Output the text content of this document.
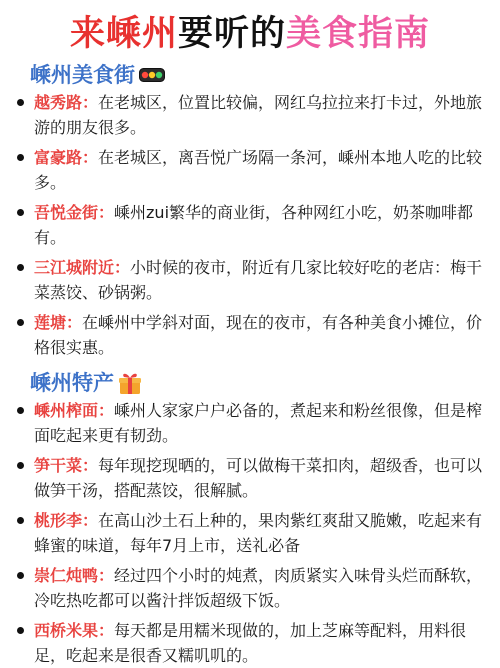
来嵊州要听的美食指南
嵊州美食街
越秀路：在老城区，位置比较偏，网红乌拉拉来打卡过，外地旅游的朋友很多。
富豪路：在老城区，离吾悦广场隔一条河，嵊州本地人吃的比较多。
吾悦金街：嵊州zui繁华的商业街，各种网红小吃，奶茶咖啡都有。
三江城附近：小时候的夜市，附近有几家比较好吃的老店：梅干菜蒸饺、砂锅粥。
莲塘：在嵊州中学斜对面，现在的夜市，有各种美食小摊位，价格很实惠。
嵊州特产
嵊州榨面：嵊州人家家户户必备的，煮起来和粉丝很像，但是榨面吃起来更有韧劲。
笋干菜：每年现挖现晒的，可以做梅干菜扣肉，超级香，也可以做笋干汤，搭配蒸饺，很解腻。
桃形李：在高山沙土石上种的，果肉紫红爽甜又脆嫩，吃起来有蜂蜜的味道，每年7月上市，送礼必备
崇仁炖鸭：经过四个小时的炖煮，肉质紧实入味骨头烂而酥软，冷吃热吃都可以酱汁拌饭超级下饭。
西桥米果：每天都是用糯米现做的，加上芝麻等配料，用料很足，吃起来是很香又糯叽叽的。
